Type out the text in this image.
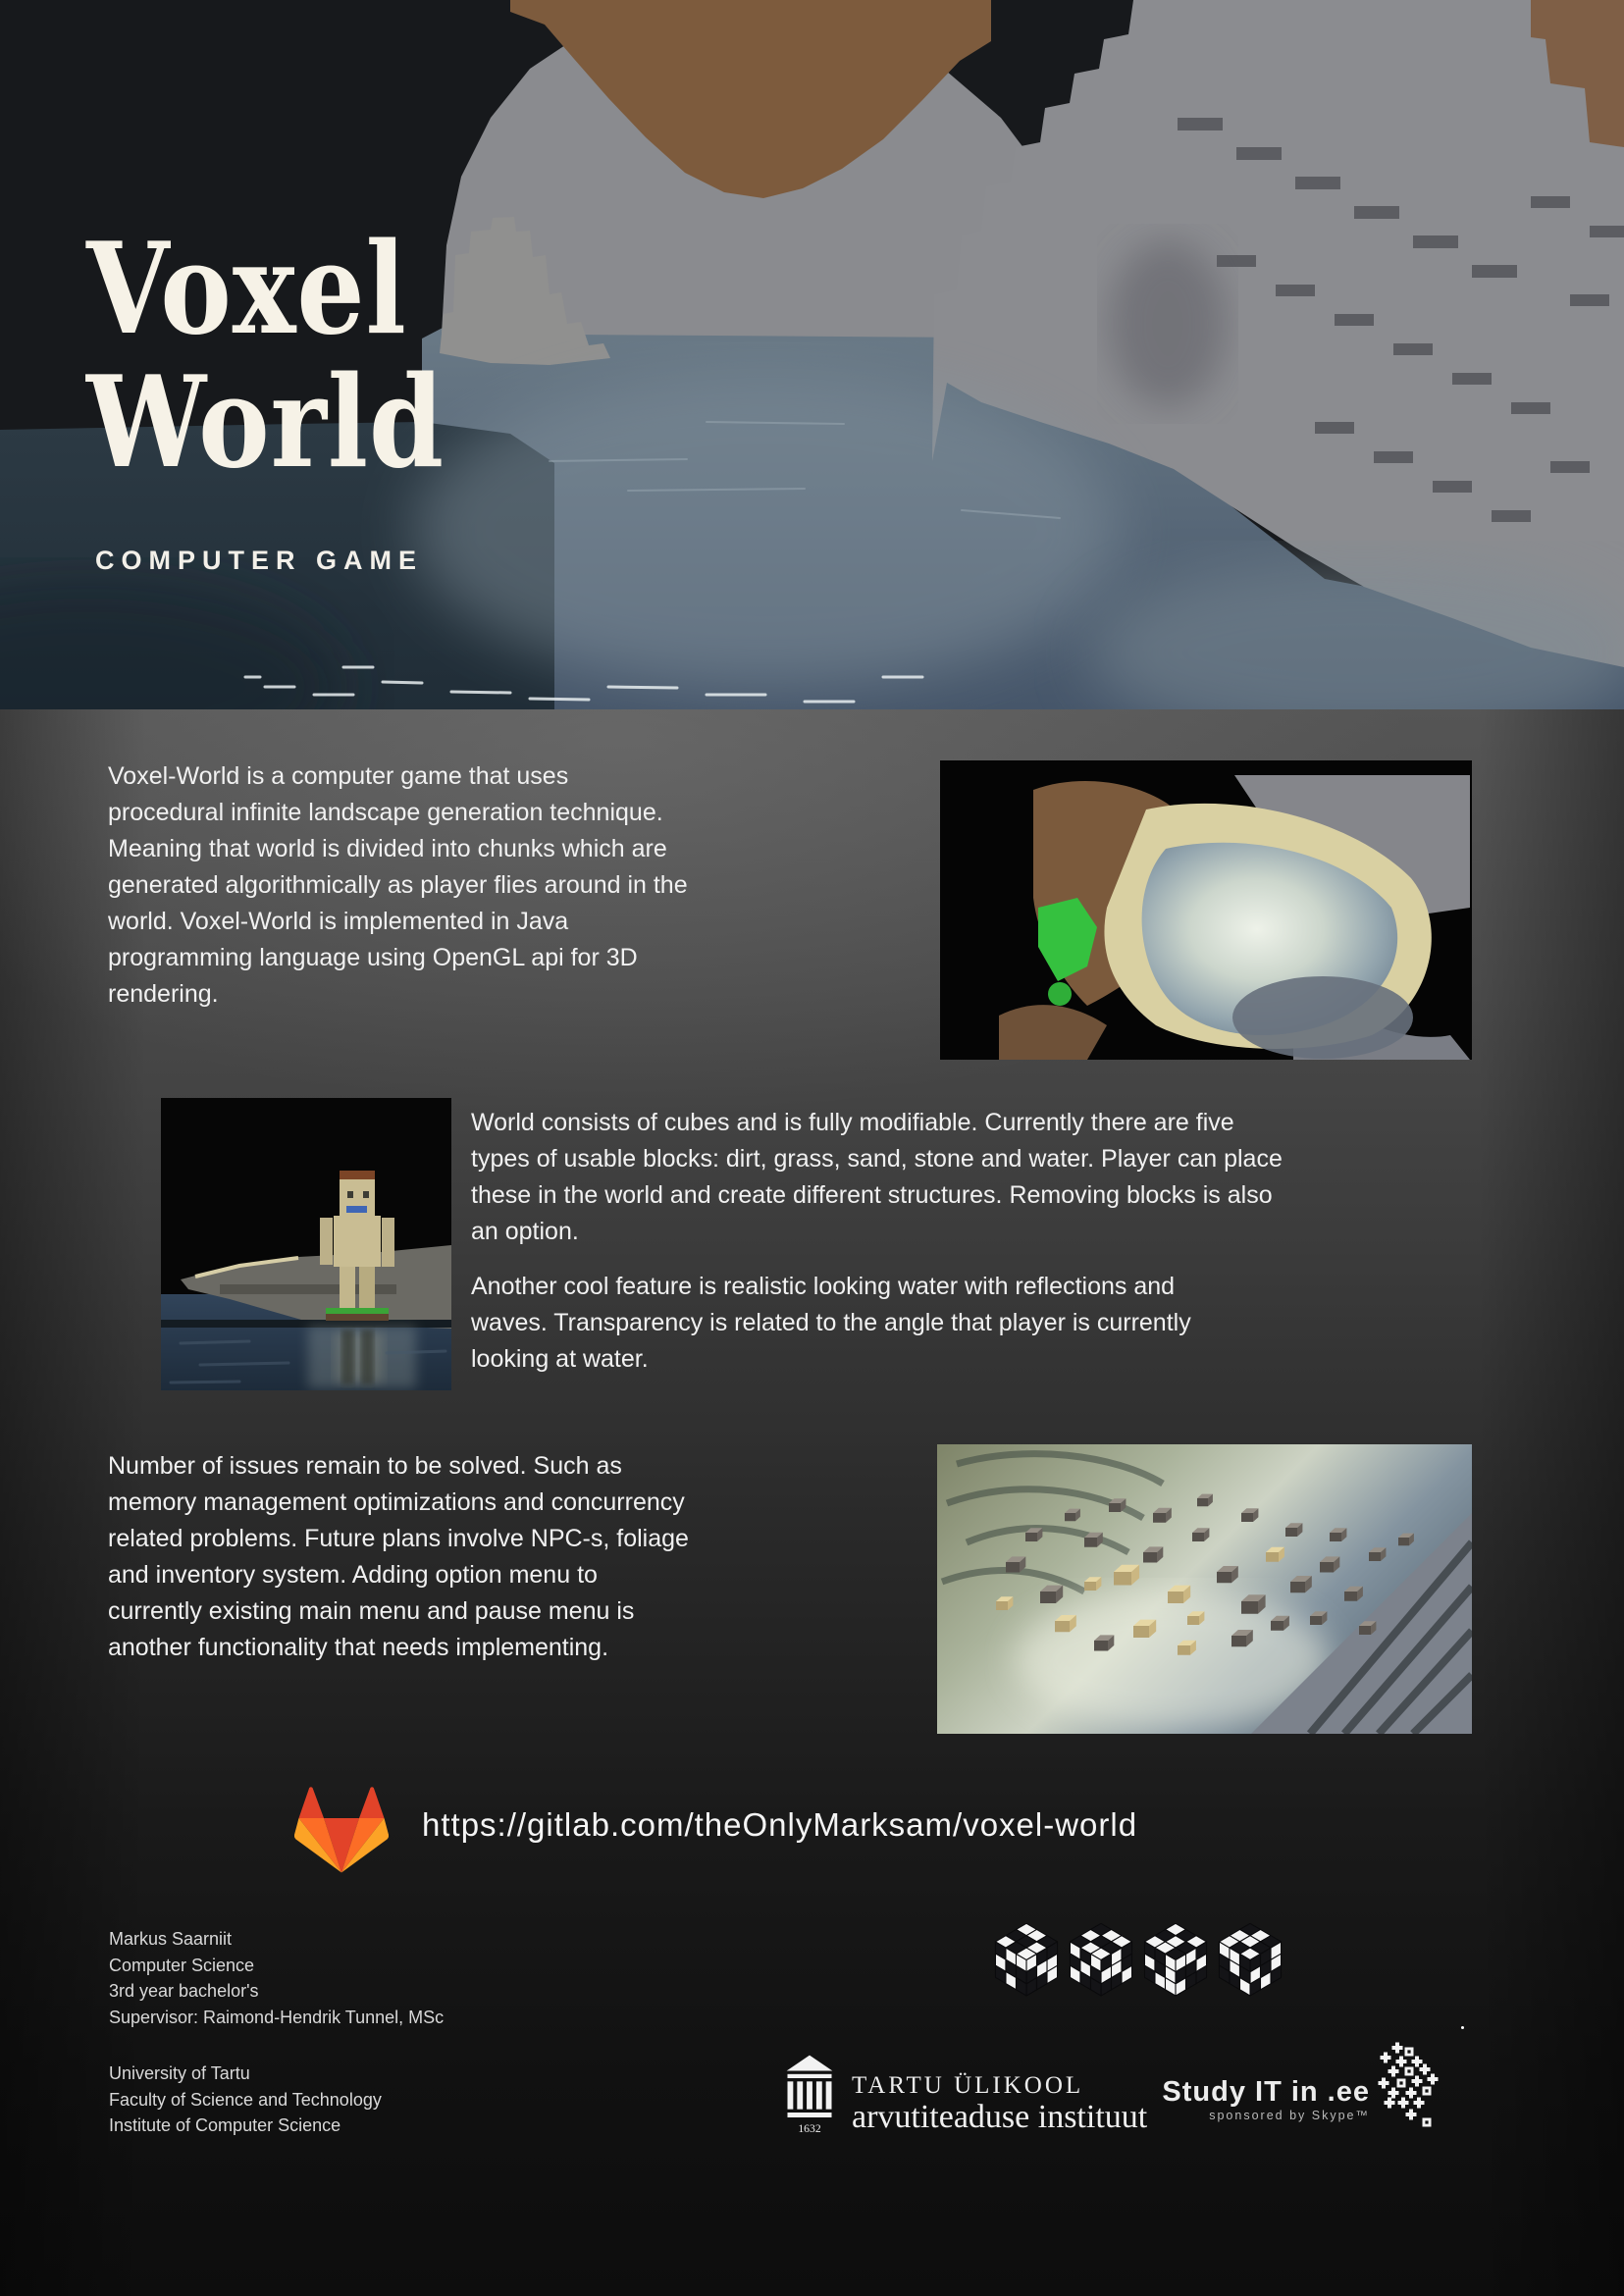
Voxel
World
COMPUTER GAME
Voxel-World is a computer game that uses
procedural infinite landscape generation technique.
Meaning that world is divided into chunks which are
generated algorithmically as player flies around in the
world. Voxel-World is implemented in Java
programming language using OpenGL api for 3D
rendering.
World consists of cubes and is fully modifiable. Currently there are five
types of usable blocks: dirt, grass, sand, stone and water. Player can place
these in the world and create different structures. Removing blocks is also
an option.
Another cool feature is realistic looking water with reflections and
waves. Transparency is related to the angle that player is currently
looking at water.
Number of issues remain to be solved. Such as
memory management optimizations and concurrency
related problems. Future plans involve NPC-s, foliage
and inventory system. Adding option menu to
currently existing main menu and pause menu is
another functionality that needs implementing.
https://gitlab.com/theOnlyMarksam/voxel-world
Markus Saarniit
Computer Science
3rd year bachelor's
Supervisor: Raimond-Hendrik Tunnel, MSc
University of Tartu
Faculty of Science and Technology
Institute of Computer Science	1632
TARTU ÜLIKOOL
arvutiteaduse instituut
Study IT in .ee
sponsored by Skype™
